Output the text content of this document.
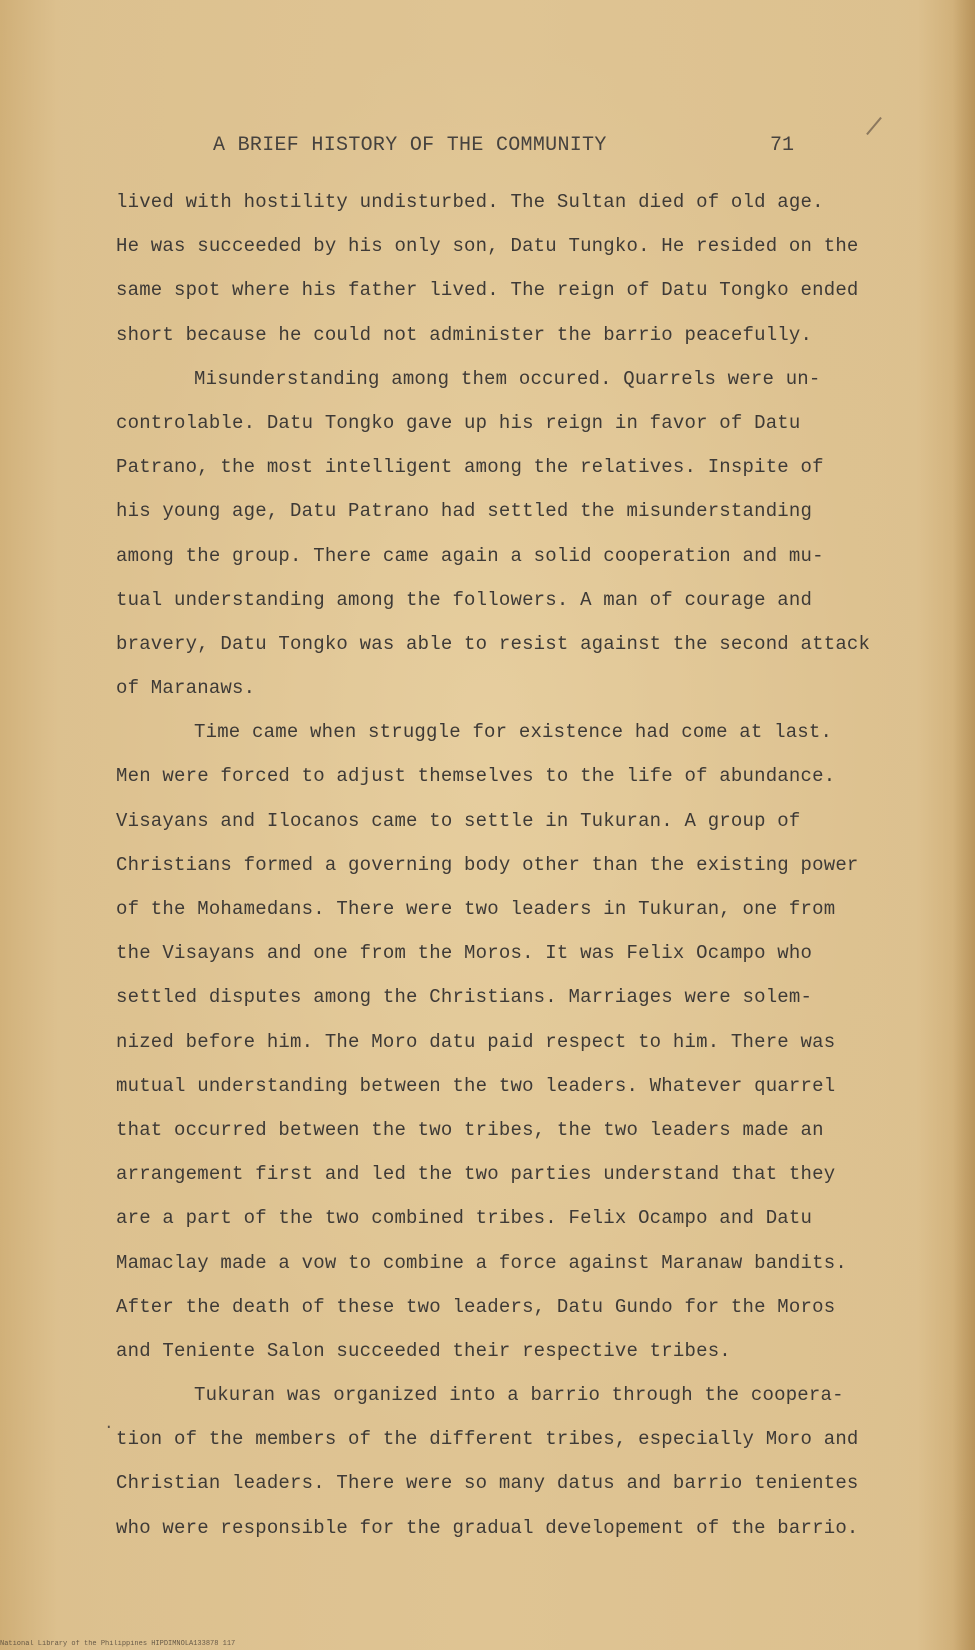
A BRIEF HISTORY OF THE COMMUNITY	71
lived with hostility undisturbed. The Sultan died of old age.
He was succeeded by his only son, Datu Tungko. He resided on the
same spot where his father lived. The reign of Datu Tongko ended
short because he could not administer the barrio peacefully.
Misunderstanding among them occured. Quarrels were un-
controlable. Datu Tongko gave up his reign in favor of Datu
Patrano, the most intelligent among the relatives. Inspite of
his young age, Datu Patrano had settled the misunderstanding
among the group. There came again a solid cooperation and mu-
tual understanding among the followers. A man of courage and
bravery, Datu Tongko was able to resist against the second attack
of Maranaws.
Time came when struggle for existence had come at last.
Men were forced to adjust themselves to the life of abundance.
Visayans and Ilocanos came to settle in Tukuran. A group of
Christians formed a governing body other than the existing power
of the Mohamedans. There were two leaders in Tukuran, one from
the Visayans and one from the Moros. It was Felix Ocampo who
settled disputes among the Christians. Marriages were solem-
nized before him. The Moro datu paid respect to him. There was
mutual understanding between the two leaders. Whatever quarrel
that occurred between the two tribes, the two leaders made an
arrangement first and led the two parties understand that they
are a part of the two combined tribes. Felix Ocampo and Datu
Mamaclay made a vow to combine a force against Maranaw bandits.
After the death of these two leaders, Datu Gundo for the Moros
and Teniente Salon succeeded their respective tribes.
Tukuran was organized into a barrio through the coopera-
tion of the members of the different tribes, especially Moro and
Christian leaders. There were so many datus and barrio tenientes
who were responsible for the gradual developement of the barrio.
·
National Library of the Philippines HIPDIMNOLA133878 117
